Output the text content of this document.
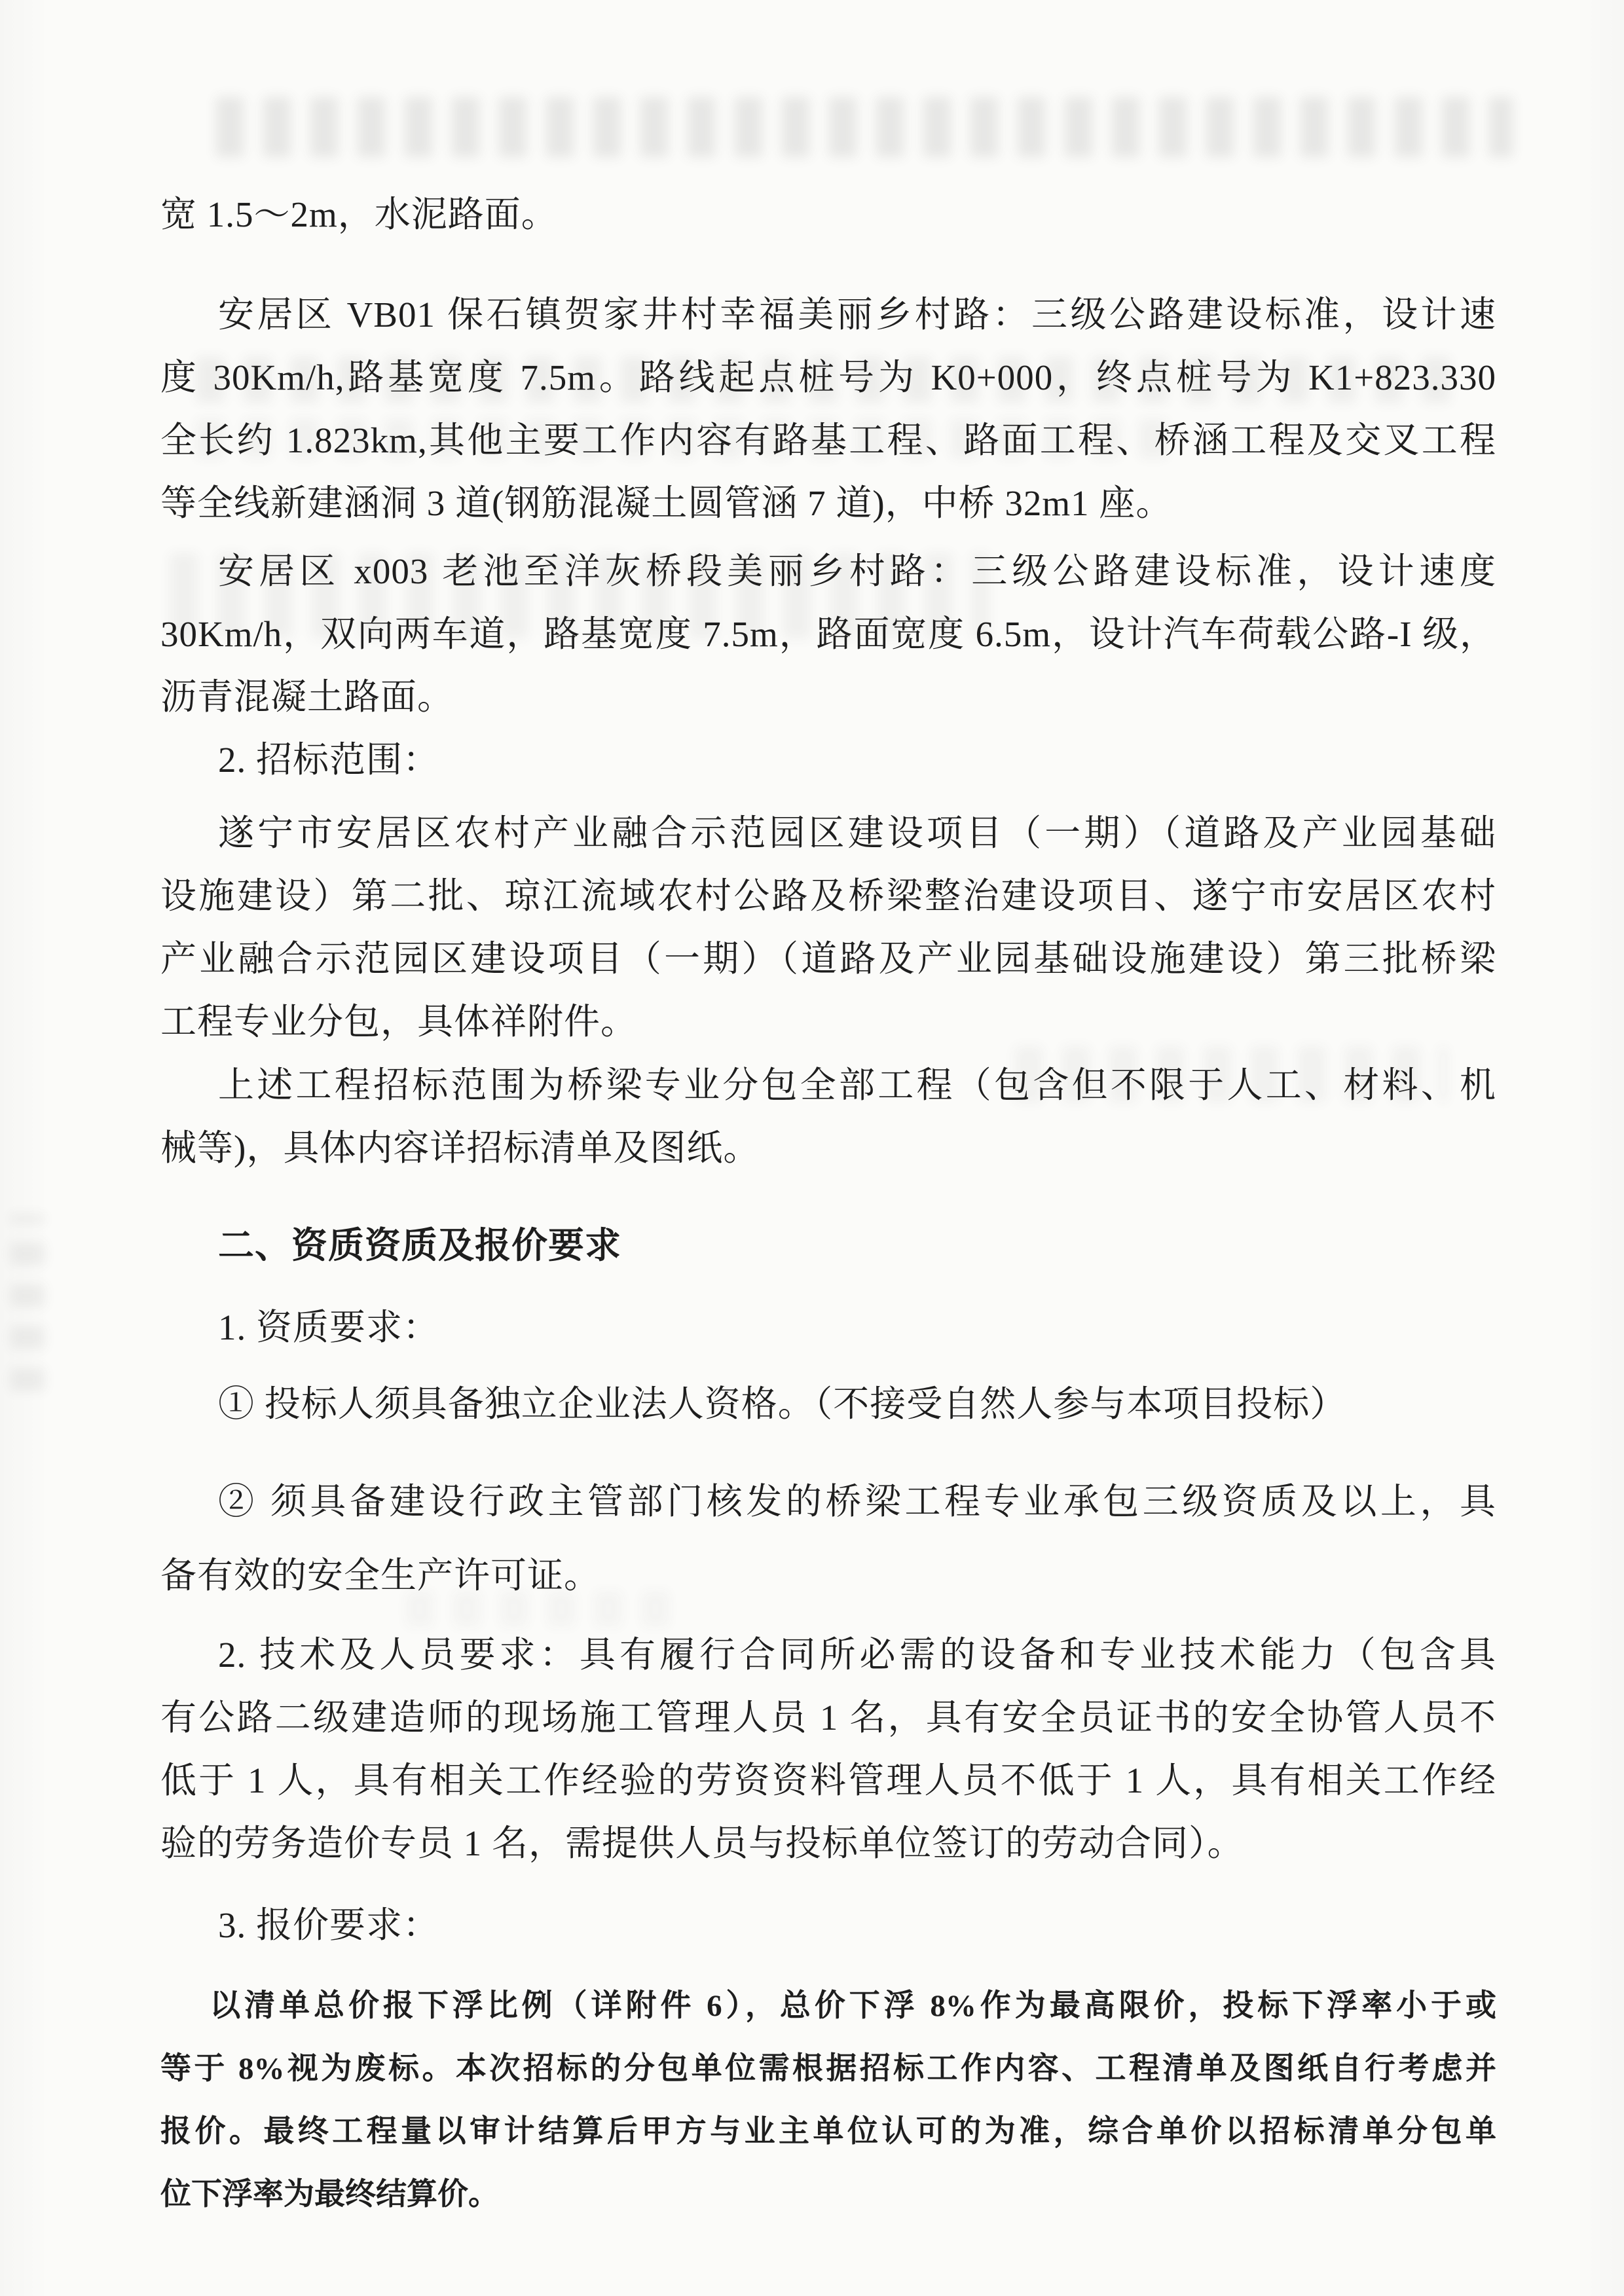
宽 1.5～2m，水泥路面。
安居区 VB01 保石镇贺家井村幸福美丽乡村路：三级公路建设标准，设计速
度 30Km/h,路基宽度 7.5m。路线起点桩号为 K0+000，终点桩号为 K1+823.330
全长约 1.823km,其他主要工作内容有路基工程、路面工程、桥涵工程及交叉工程
等全线新建涵洞 3 道(钢筋混凝土圆管涵 7 道)，中桥 32m1 座。
安居区 x003 老池至洋灰桥段美丽乡村路：三级公路建设标准，设计速度
30Km/h，双向两车道，路基宽度 7.5m，路面宽度 6.5m，设计汽车荷载公路-I 级，
沥青混凝土路面。
2. 招标范围：
遂宁市安居区农村产业融合示范园区建设项目（一期）（道路及产业园基础
设施建设）第二批、琼江流域农村公路及桥梁整治建设项目、遂宁市安居区农村
产业融合示范园区建设项目（一期）（道路及产业园基础设施建设）第三批桥梁
工程专业分包，具体祥附件。
上述工程招标范围为桥梁专业分包全部工程（包含但不限于人工、材料、机
械等)，具体内容详招标清单及图纸。
二、资质资质及报价要求
1. 资质要求：
① 投标人须具备独立企业法人资格。（不接受自然人参与本项目投标）
② 须具备建设行政主管部门核发的桥梁工程专业承包三级资质及以上，具
备有效的安全生产许可证。
2. 技术及人员要求：具有履行合同所必需的设备和专业技术能力（包含具
有公路二级建造师的现场施工管理人员 1 名，具有安全员证书的安全协管人员不
低于 1 人，具有相关工作经验的劳资资料管理人员不低于 1 人，具有相关工作经
验的劳务造价专员 1 名，需提供人员与投标单位签订的劳动合同）。
3. 报价要求：
以清单总价报下浮比例（详附件 6），总价下浮 8%作为最高限价，投标下浮率小于或
等于 8%视为废标。本次招标的分包单位需根据招标工作内容、工程清单及图纸自行考虑并
报价。最终工程量以审计结算后甲方与业主单位认可的为准，综合单价以招标清单分包单
位下浮率为最终结算价。
